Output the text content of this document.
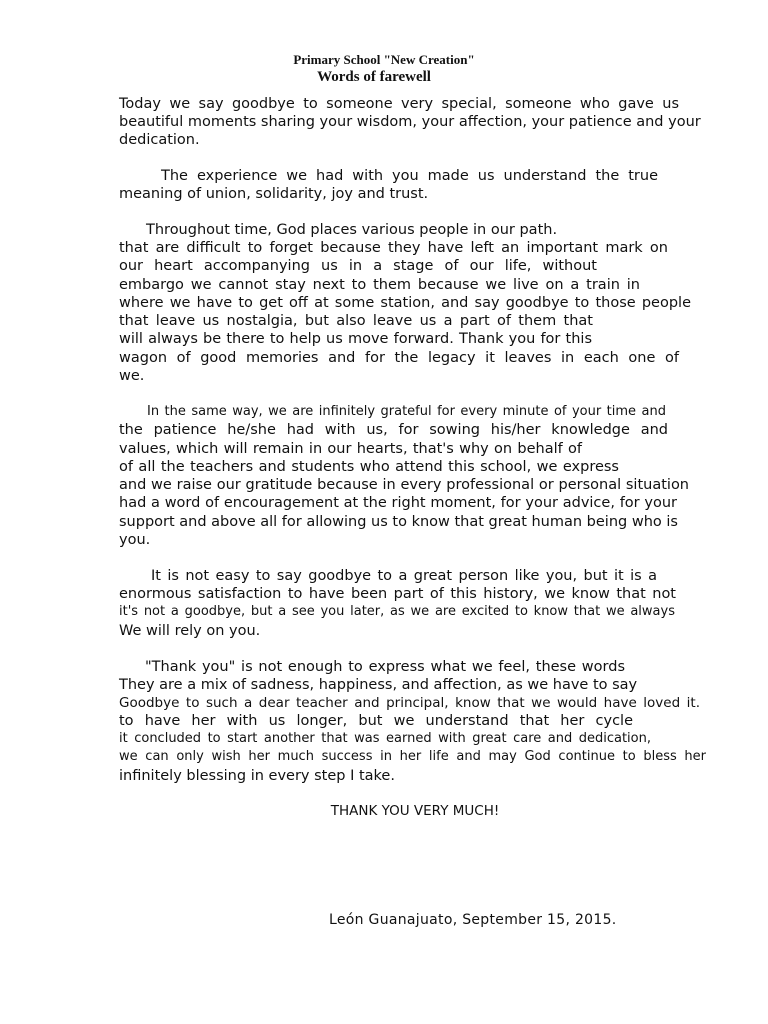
Primary School "New Creation"
Words of farewell
Today we say goodbye to someone very special, someone who gave us
beautiful moments sharing your wisdom, your affection, your patience and your
dedication.
The experience we had with you made us understand the true
meaning of union, solidarity, joy and trust.
Throughout time, God places various people in our path.
that are difficult to forget because they have left an important mark on
our heart accompanying us in a stage of our life, without
embargo we cannot stay next to them because we live on a train in
where we have to get off at some station, and say goodbye to those people
that leave us nostalgia, but also leave us a part of them that
will always be there to help us move forward. Thank you for this
wagon of good memories and for the legacy it leaves in each one of
we.
In the same way, we are infinitely grateful for every minute of your time and
the patience he/she had with us, for sowing his/her knowledge and
values, which will remain in our hearts, that's why on behalf of
of all the teachers and students who attend this school, we express
and we raise our gratitude because in every professional or personal situation
had a word of encouragement at the right moment, for your advice, for your
support and above all for allowing us to know that great human being who is
you.
It is not easy to say goodbye to a great person like you, but it is a
enormous satisfaction to have been part of this history, we know that not
it's not a goodbye, but a see you later, as we are excited to know that we always
We will rely on you.
"Thank you" is not enough to express what we feel, these words
They are a mix of sadness, happiness, and affection, as we have to say
Goodbye to such a dear teacher and principal, know that we would have loved it.
to have her with us longer, but we understand that her cycle
it concluded to start another that was earned with great care and dedication,
we can only wish her much success in her life and may God continue to bless her
infinitely blessing in every step I take.
THANK YOU VERY MUCH!
León Guanajuato, September 15, 2015.
